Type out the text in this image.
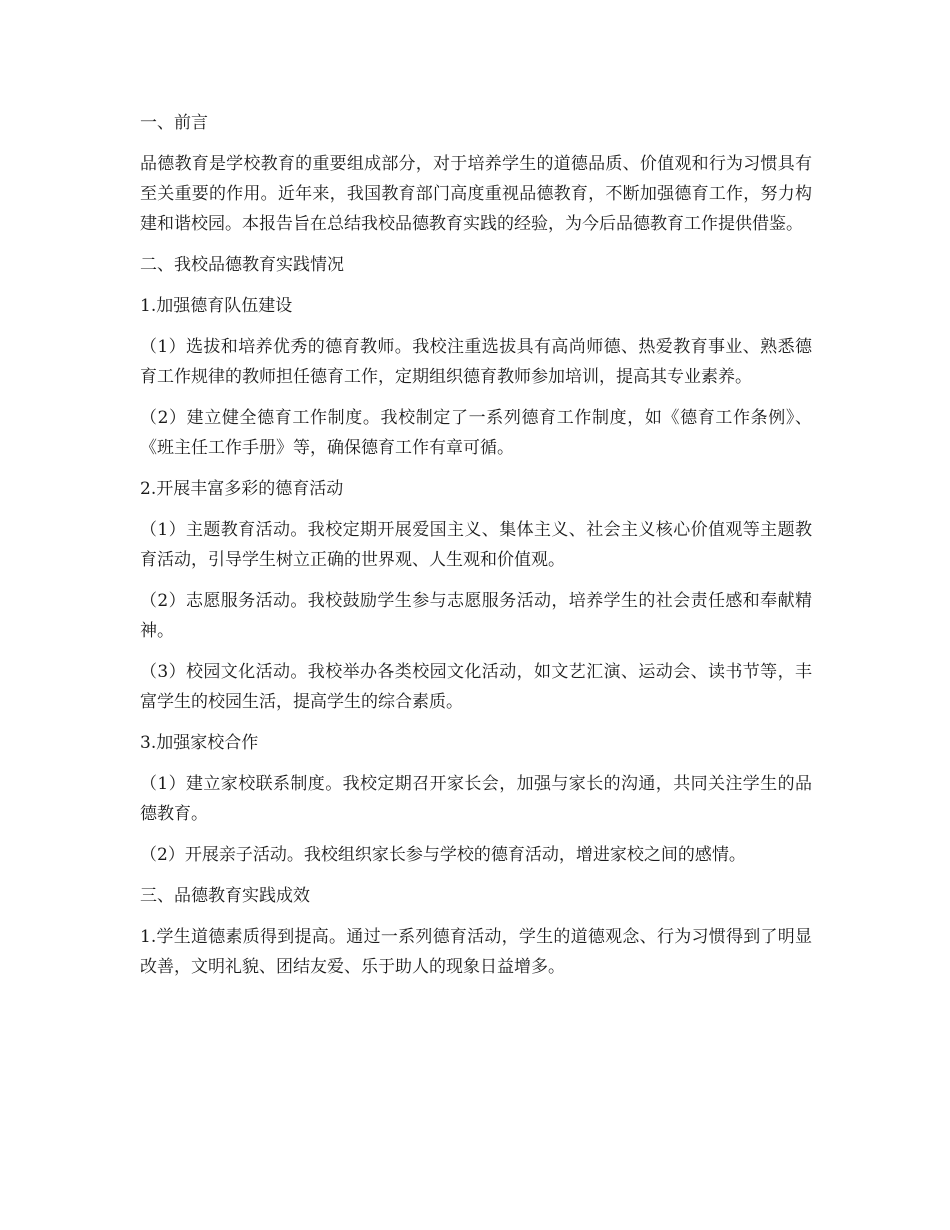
一、前言

品德教育是学校教育的重要组成部分，对于培养学生的道德品质、价值观和行为习惯具有至关重要的作用。近年来，我国教育部门高度重视品德教育，不断加强德育工作，努力构建和谐校园。本报告旨在总结我校品德教育实践的经验，为今后品德教育工作提供借鉴。

二、我校品德教育实践情况

1.加强德育队伍建设

（1）选拔和培养优秀的德育教师。我校注重选拔具有高尚师德、热爱教育事业、熟悉德育工作规律的教师担任德育工作，定期组织德育教师参加培训，提高其专业素养。

（2）建立健全德育工作制度。我校制定了一系列德育工作制度，如《德育工作条例》、《班主任工作手册》等，确保德育工作有章可循。

2.开展丰富多彩的德育活动

（1）主题教育活动。我校定期开展爱国主义、集体主义、社会主义核心价值观等主题教育活动，引导学生树立正确的世界观、人生观和价值观。

（2）志愿服务活动。我校鼓励学生参与志愿服务活动，培养学生的社会责任感和奉献精神。

（3）校园文化活动。我校举办各类校园文化活动，如文艺汇演、运动会、读书节等，丰富学生的校园生活，提高学生的综合素质。

3.加强家校合作

（1）建立家校联系制度。我校定期召开家长会，加强与家长的沟通，共同关注学生的品德教育。

（2）开展亲子活动。我校组织家长参与学校的德育活动，增进家校之间的感情。

三、品德教育实践成效

1.学生道德素质得到提高。通过一系列德育活动，学生的道德观念、行为习惯得到了明显改善，文明礼貌、团结友爱、乐于助人的现象日益增多。
